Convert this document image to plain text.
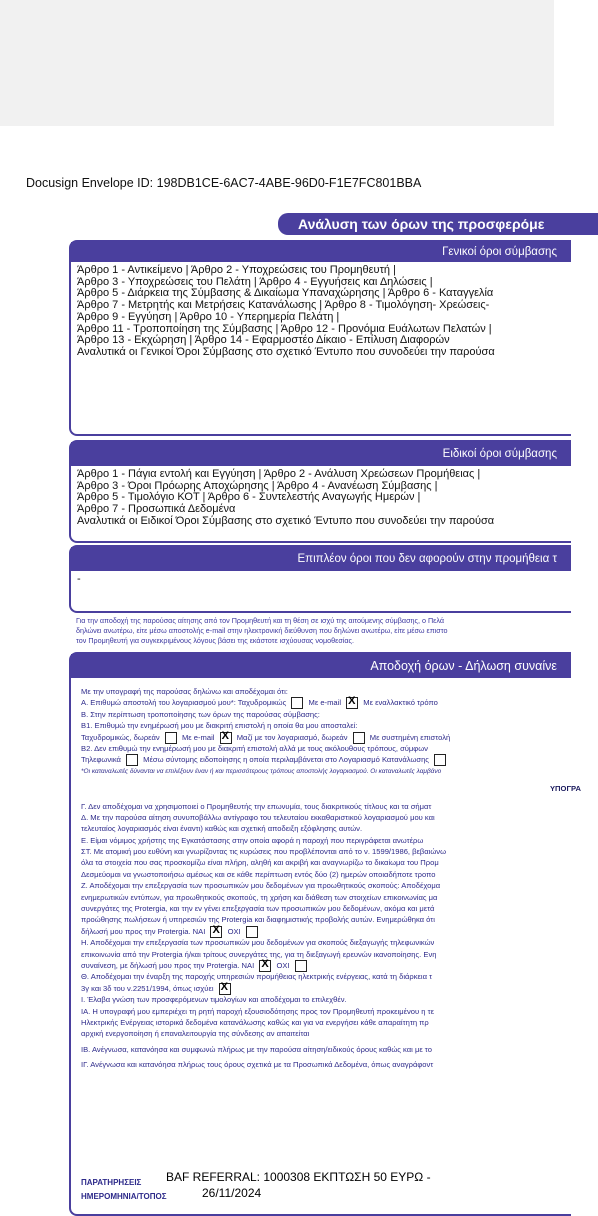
Docusign Envelope ID: 198DB1CE-6AC7-4ABE-96D0-F1E7FC801BBA
Ανάλυση των όρων της προσφερόμε
Γενικοί όροι σύμβασης
Άρθρο 1 - Αντικείμενο | Άρθρο 2 - Υποχρεώσεις του Προμηθευτή |
Άρθρο 3 - Υποχρεώσεις του Πελάτη | Άρθρο 4 - Εγγυήσεις και Δηλώσεις |
Άρθρο 5 - Διάρκεια της Σύμβασης & Δικαίωμα Υπαναχώρησης | Άρθρο 6 - Καταγγελία
Άρθρο 7 - Μετρητής και Μετρήσεις Κατανάλωσης | Άρθρο 8 - Τιμολόγηση- Χρεώσεις-
Άρθρο 9 - Εγγύηση | Άρθρο 10 - Υπερημερία Πελάτη |
Άρθρο 11 - Τροποποίηση της Σύμβασης | Άρθρο 12 - Προνόμια Ευάλωτων Πελατών |
Άρθρο 13 - Εκχώρηση | Άρθρο 14 - Εφαρμοστέο Δίκαιο - Επίλυση Διαφορών
Αναλυτικά οι Γενικοί Όροι Σύμβασης στο σχετικό Έντυπο που συνοδεύει την παρούσα
Ειδικοί όροι σύμβασης
Άρθρο 1 - Πάγια εντολή και Εγγύηση | Άρθρο 2 - Ανάλυση Χρεώσεων Προμήθειας |
Άρθρο 3 - Όροι Πρόωρης Αποχώρησης | Άρθρο 4 - Ανανέωση Σύμβασης |
Άρθρο 5 - Τιμολόγιο ΚΟΤ | Άρθρο 6 - Συντελεστής Αναγωγής Ημερών |
Άρθρο 7 - Προσωπικά Δεδομένα
Αναλυτικά οι Ειδικοί Όροι Σύμβασης στο σχετικό Έντυπο που συνοδεύει την παρούσα
Επιπλέον όροι που δεν αφορούν στην προμήθεια τ
-
Για την αποδοχή της παρούσας αίτησης από τον Προμηθευτή και τη θέση σε ισχύ της αιτούμενης σύμβασης, ο Πελά
δηλώνει ανωτέρω, είτε μέσω αποστολής e-mail στην ηλεκτρονική διεύθυνση που δηλώνει ανωτέρω, είτε μέσω επιστο
τον Προμηθευτή για συγκεκριμένους λόγους βάσει της εκάστοτε ισχύουσας νομοθεσίας.
Αποδοχή όρων - Δήλωση συναίνε
Με την υπογραφή της παρούσας δηλώνω και αποδέχομαι ότι:
Α. Επιθυμώ αποστολή του λογαριασμού μου*: Ταχυδρομικώς	Με e-mail X	Με εναλλακτικό τρόπο
Β. Στην περίπτωση τροποποίησης των όρων της παρούσας σύμβασης:
Β1. Επιθυμώ την ενημέρωσή μου με διακριτή επιστολή η οποία θα μου αποσταλεί:
Ταχυδρομικώς, δωρεάν	Με e-mail X	Μαζί με τον λογαριασμό, δωρεάν	Με συστημένη επιστολή
Β2. Δεν επιθυμώ την ενημέρωσή μου με διακριτή επιστολή αλλά με τους ακόλουθους τρόπους, σύμφων
Τηλεφωνικά	Μέσω σύντομης ειδοποίησης η οποία περιλαμβάνεται στο Λογαριασμό Κατανάλωσης
*Οι καταναλωτές δύνανται να επιλέξουν έναν ή και περισσότερους τρόπους αποστολής λογαριασμού. Οι καταναλωτές λαμβάνο
ΥΠΟΓΡΑ
Γ. Δεν αποδέχομαι να χρησιμοποιεί ο Προμηθευτής την επωνυμία, τους διακριτικούς τίτλους και τα σήματ
Δ. Με την παρούσα αίτηση συνυποβάλλω αντίγραφο του τελευταίου εκκαθαριστικού λογαριασμού μου και
τελευταίος λογαριασμός είναι έναντι) καθώς και σχετική αποδειξη εξόφλησης αυτών.
Ε. Είμαι νόμιμος χρήστης της Εγκατάστασης στην οποία αφορά η παροχή που περιγράφεται ανωτέρω
ΣΤ. Με ατομική μου ευθύνη και γνωρίζοντας τις κυρώσεις που προβλέπονται από το ν. 1599/1986, βεβαιώνω
όλα τα στοιχεία που σας προσκομίζω είναι πλήρη, αληθή και ακριβή και αναγνωρίζω το δικαίωμα του Προμ
Δεσμεύομαι να γνωστοποιήσω αμέσως και σε κάθε περίπτωση εντός δύο (2) ημερών οποιαδήποτε τροπο
Ζ. Αποδέχομαι την επεξεργασία των προσωπικών μου δεδομένων για προωθητικούς σκοπούς: Αποδέχομα
ενημερωτικών εντύπων, για προωθητικούς σκοπούς, τη χρήση και διάθεση των στοιχείων επικοινωνίας μα
συνεργάτες της Protergia, και την εν γένει επεξεργασία των προσωπικών μου δεδομένων, ακόμα και μετά
προώθησης πωλήσεων ή υπηρεσιών της Protergia και διαφημιστικής προβολής αυτών. Ενημερώθηκα ότι
δήλωσή μου προς την Protergia. ΝΑΙ X	ΟΧΙ
Η. Αποδέχομαι την επεξεργασία των προσωπικών μου δεδομένων για σκοπούς διεξαγωγής τηλεφωνικών
επικοινωνία από την Protergia ή/και τρίτους συνεργάτες της, για τη διεξαγωγή ερευνών ικανοποίησης. Ενη
συναίνεση, με δήλωσή μου προς την Protergia. ΝΑΙ X	ΟΧΙ
Θ. Αποδέχομαι την έναρξη της παροχής υπηρεσιών προμήθειας ηλεκτρικής ενέργειας, κατά τη διάρκεια τ
3γ και 3δ του ν.2251/1994, όπως ισχύει X
Ι. Έλαβα γνώση των προσφερόμενων τιμολογίων και αποδέχομαι το επιλεχθέν.
ΙΑ. Η υπογραφή μου εμπεριέχει τη ρητή παροχή εξουσιοδότησης προς τον Προμηθευτή προκειμένου η τε
Ηλεκτρικής Ενέργειας ιστορικά δεδομένα κατανάλωσης καθώς και για να ενεργήσει κάθε απαραίτητη πρ
αρχική ενεργοποίηση ή επαναλειτουργία της σύνδεσης αν απαιτείται
ΙΒ. Ανέγνωσα, κατανόησα και συμφωνώ πλήρως με την παρούσα αίτηση/ειδικούς όρους καθώς και με το
ΙΓ. Ανέγνωσα και κατανόησα πλήρως τους όρους σχετικά με τα Προσωπικά Δεδομένα, όπως αναγράφοντ
ΠΑΡΑΤΗΡΗΣΕΙΣ BAF REFERRAL: 1000308 ΕΚΠΤΩΣΗ 50 ΕΥΡΩ -
ΗΜΕΡΟΜΗΝΙΑ/ΤΟΠΟΣ	26/11/2024
